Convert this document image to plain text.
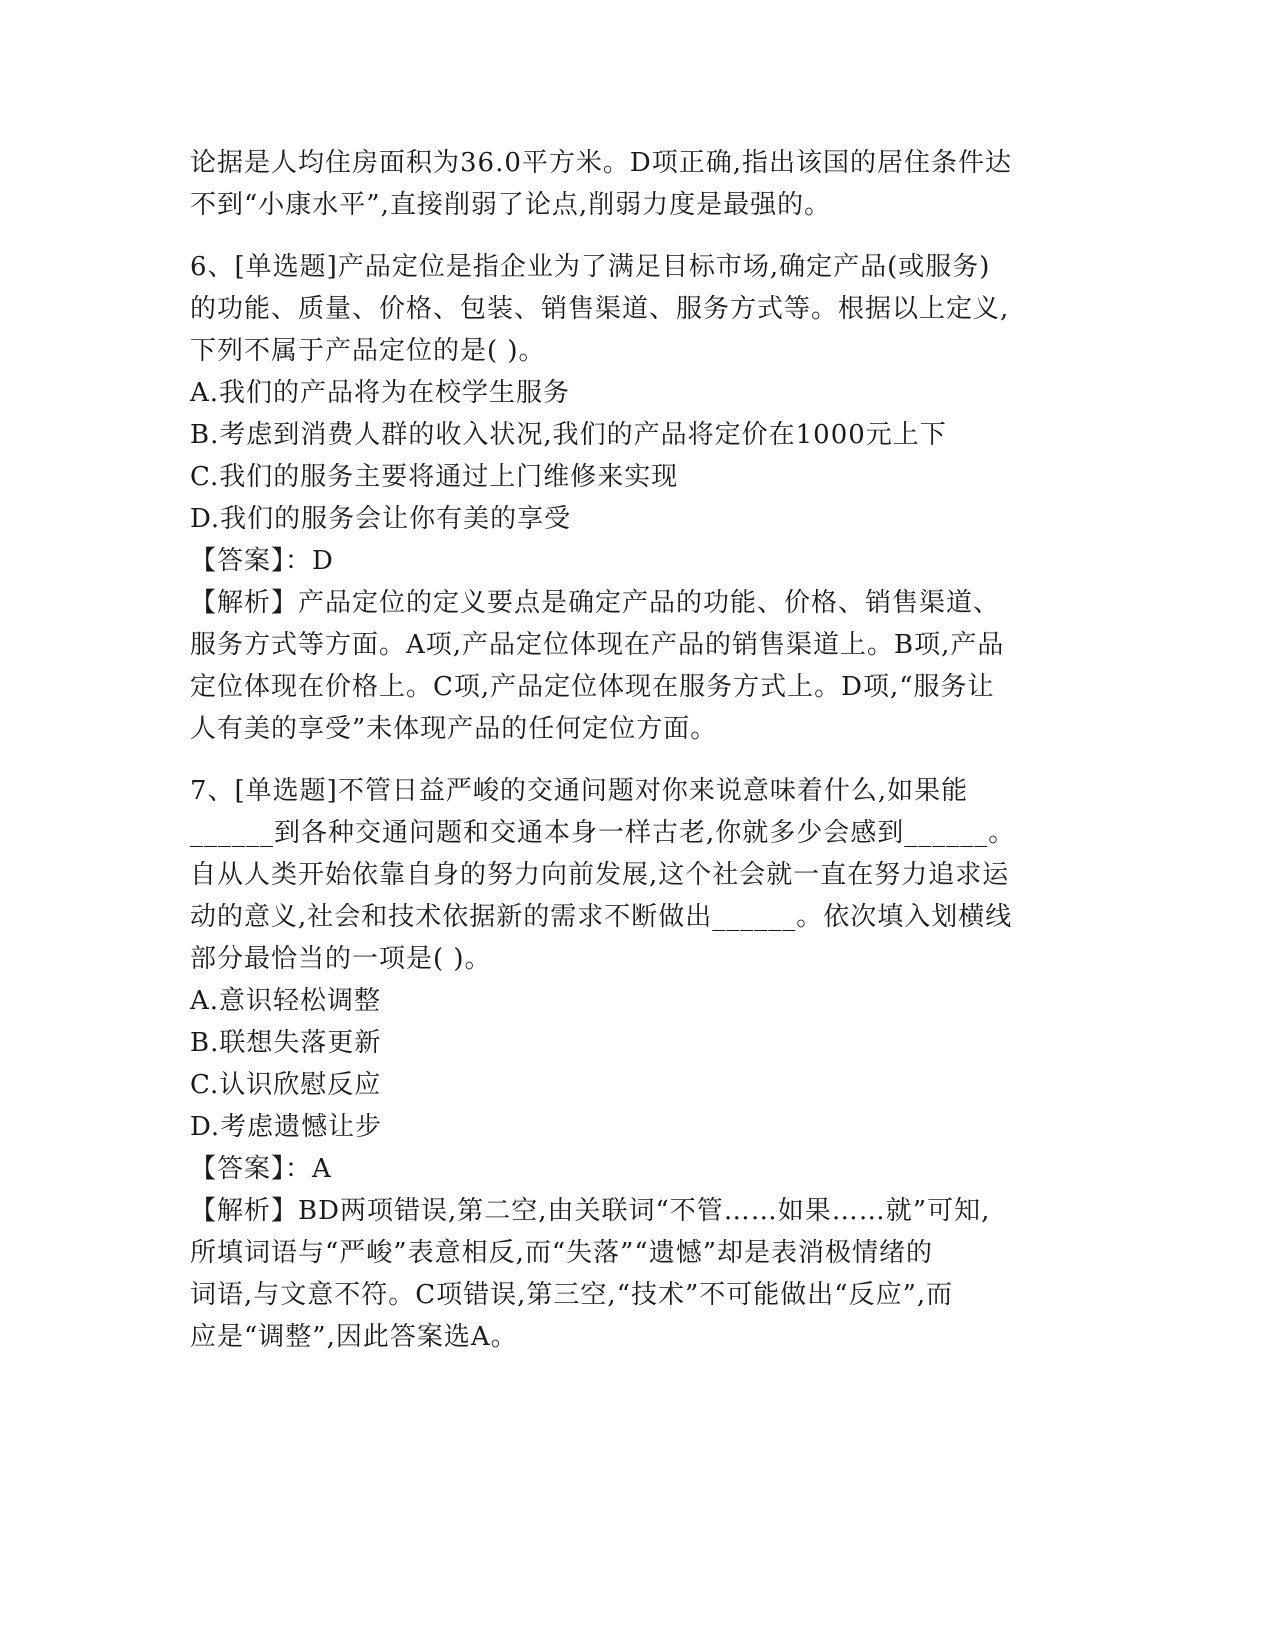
论据是人均住房面积为36.0平方米。D项正确,指出该国的居住条件达

不到“小康水平”,直接削弱了论点,削弱力度是最强的。

6、[单选题]产品定位是指企业为了满足目标市场,确定产品(或服务)

的功能、质量、价格、包装、销售渠道、服务方式等。根据以上定义,

下列不属于产品定位的是( )。

A.我们的产品将为在校学生服务

B.考虑到消费人群的收入状况,我们的产品将定价在1000元上下

C.我们的服务主要将通过上门维修来实现

D.我们的服务会让你有美的享受

【答案】：D

【解析】产品定位的定义要点是确定产品的功能、价格、销售渠道、

服务方式等方面。A项,产品定位体现在产品的销售渠道上。B项,产品

定位体现在价格上。C项,产品定位体现在服务方式上。D项,“服务让

人有美的享受”未体现产品的任何定位方面。

7、[单选题]不管日益严峻的交通问题对你来说意味着什么,如果能

______到各种交通问题和交通本身一样古老,你就多少会感到______。

自从人类开始依靠自身的努力向前发展,这个社会就一直在努力追求运

动的意义,社会和技术依据新的需求不断做出______。依次填入划横线

部分最恰当的一项是( )。

A.意识轻松调整

B.联想失落更新

C.认识欣慰反应

D.考虑遗憾让步

【答案】：A

【解析】BD两项错误,第二空,由关联词“不管……如果……就”可知,

所填词语与“严峻”表意相反,而“失落”“遗憾”却是表消极情绪的

词语,与文意不符。C项错误,第三空,“技术”不可能做出“反应”,而

应是“调整”,因此答案选A。
